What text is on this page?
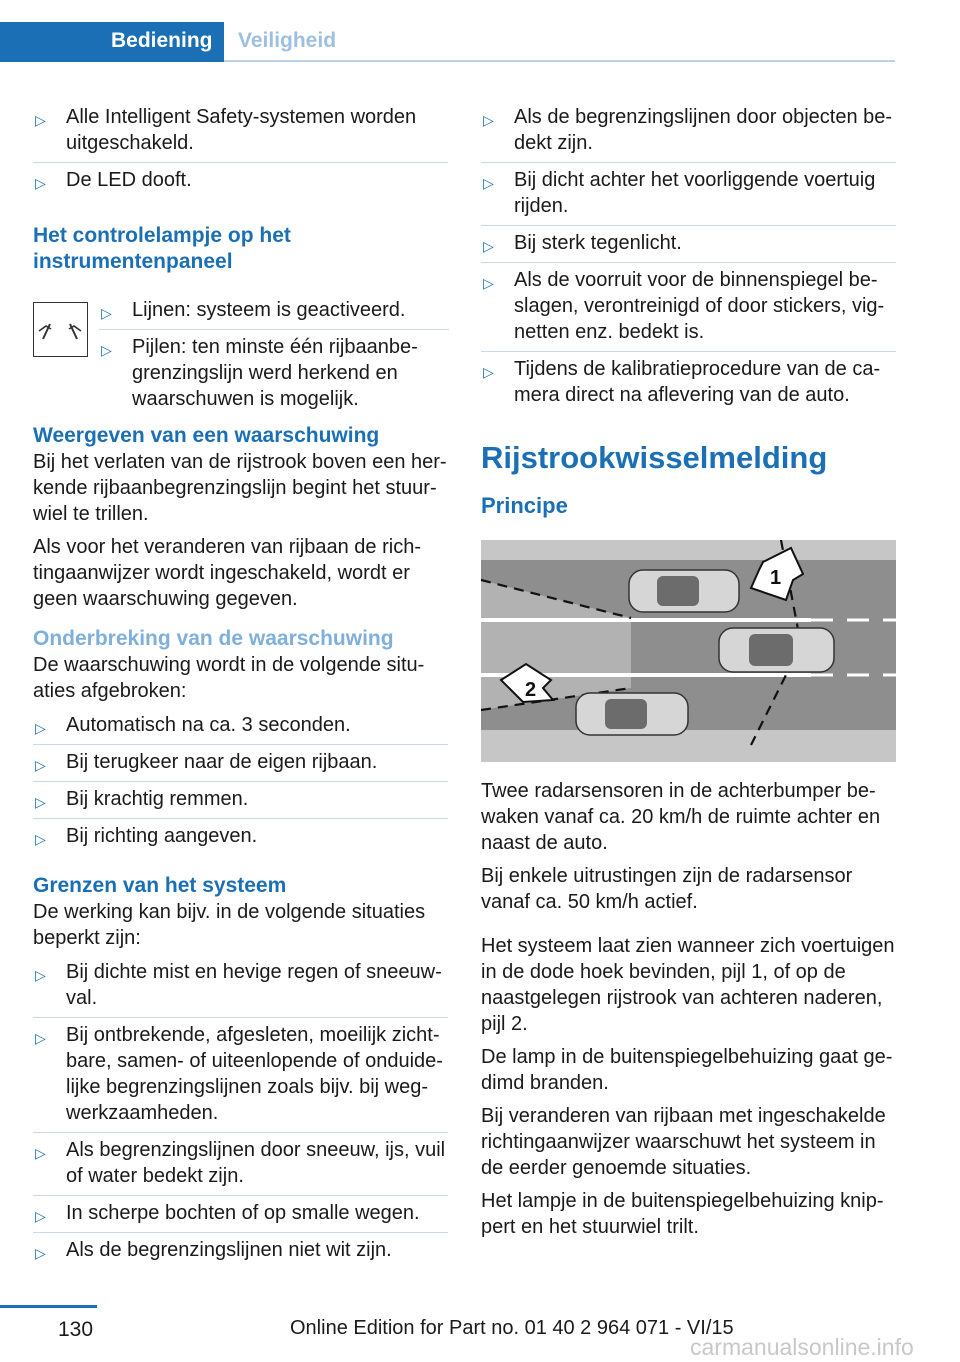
Bediening	Veiligheid
▷ Alle Intelligent Safety-systemen worden uitgeschakeld.
▷ De LED dooft.
Het controlelampje op het instrumentenpaneel
▷ Lijnen: systeem is geactiveerd.
▷ Pijlen: ten minste één rijbaanbegrenzingslijn werd herkend en waarschuwen is mogelijk.
Weergeven van een waarschuwing

Bij het verlaten van de rijstrook boven een herkende rijbaanbegrenzingslijn begint het stuurwiel te trillen.

Als voor het veranderen van rijbaan de richtingaanwijzer wordt ingeschakeld, wordt er geen waarschuwing gegeven.

Onderbreking van de waarschuwing

De waarschuwing wordt in de volgende situaties afgebroken:

▷ Automatisch na ca. 3 seconden.
▷ Bij terugkeer naar de eigen rijbaan.
▷ Bij krachtig remmen.
▷ Bij richting aangeven.
Grenzen van het systeem

De werking kan bijv. in de volgende situaties beperkt zijn:

▷ Bij dichte mist en hevige regen of sneeuwval.
▷ Bij ontbrekende, afgesleten, moeilijk zichtbare, samen- of uiteenlopende of onduidelijke begrenzingslijnen zoals bijv. bij wegwerkzaamheden.
▷ Als begrenzingslijnen door sneeuw, ijs, vuil of water bedekt zijn.
▷ In scherpe bochten of op smalle wegen.
▷ Als de begrenzingslijnen niet wit zijn.
▷ Als de begrenzingslijnen door objecten bedekt zijn.
▷ Bij dicht achter het voorliggende voertuig rijden.
▷ Bij sterk tegenlicht.
▷ Als de voorruit voor de binnenspiegel beslagen, verontreinigd of door stickers, vignetten enz. bedekt is.
▷ Tijdens de kalibratieprocedure van de camera direct na aflevering van de auto.
Rijstrookwisselmelding
Principe
1
2

Twee radarsensoren in de achterbumper bewaken vanaf ca. 20 km/h de ruimte achter en naast de auto.

Bij enkele uitrustingen zijn de radarsensor vanaf ca. 50 km/h actief.

Het systeem laat zien wanneer zich voertuigen in de dode hoek bevinden, pijl 1, of op de naastgelegen rijstrook van achteren naderen, pijl 2.

De lamp in de buitenspiegelbehuizing gaat gedimd branden.

Bij veranderen van rijbaan met ingeschakelde richtingaanwijzer waarschuwt het systeem in de eerder genoemde situaties.

Het lampje in de buitenspiegelbehuizing knippert en het stuurwiel trilt.

130	Online Edition for Part no. 01 40 2 964 071 - VI/15
carmanualsonline.info
